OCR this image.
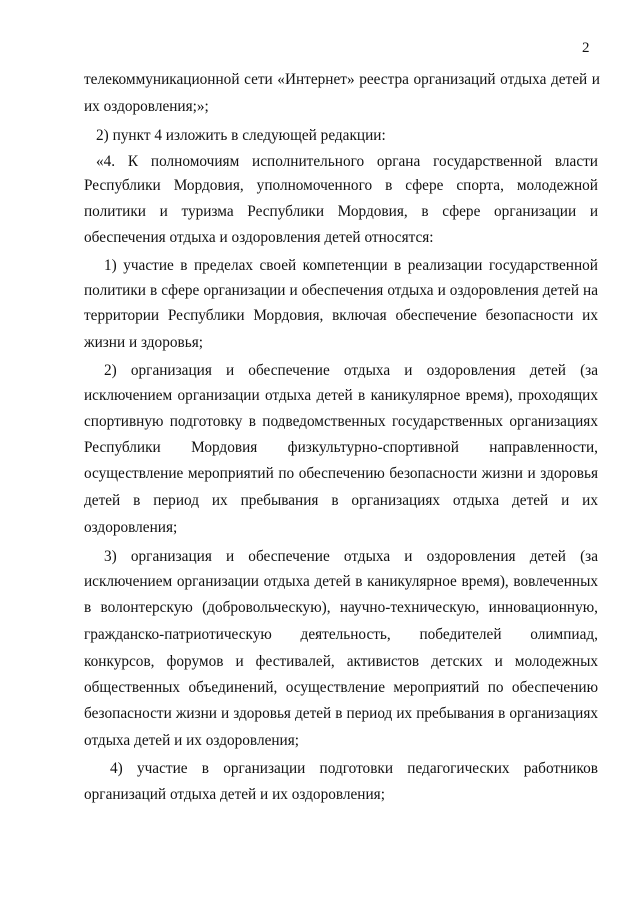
2
телекоммуникационной сети «Интернет» реестра организаций отдыха детей и
их оздоровления;»;
2) пункт 4 изложить в следующей редакции:
«4. К полномочиям исполнительного органа государственной власти
Республики Мордовия, уполномоченного в сфере спорта, молодежной
политики и туризма Республики Мордовия, в сфере организации и
обеспечения отдыха и оздоровления детей относятся:
1) участие в пределах своей компетенции в реализации государственной
политики в сфере организации и обеспечения отдыха и оздоровления детей на
территории Республики Мордовия, включая обеспечение безопасности их
жизни и здоровья;
2) организация и обеспечение отдыха и оздоровления детей (за
исключением организации отдыха детей в каникулярное время), проходящих
спортивную подготовку в подведомственных государственных организациях
Республики Мордовия физкультурно-спортивной направленности,
осуществление мероприятий по обеспечению безопасности жизни и здоровья
детей в период их пребывания в организациях отдыха детей и их
оздоровления;
3) организация и обеспечение отдыха и оздоровления детей (за
исключением организации отдыха детей в каникулярное время), вовлеченных
в волонтерскую (добровольческую), научно-техническую, инновационную,
гражданско-патриотическую деятельность, победителей олимпиад,
конкурсов, форумов и фестивалей, активистов детских и молодежных
общественных объединений, осуществление мероприятий по обеспечению
безопасности жизни и здоровья детей в период их пребывания в организациях
отдыха детей и их оздоровления;
4) участие в организации подготовки педагогических работников
организаций отдыха детей и их оздоровления;
